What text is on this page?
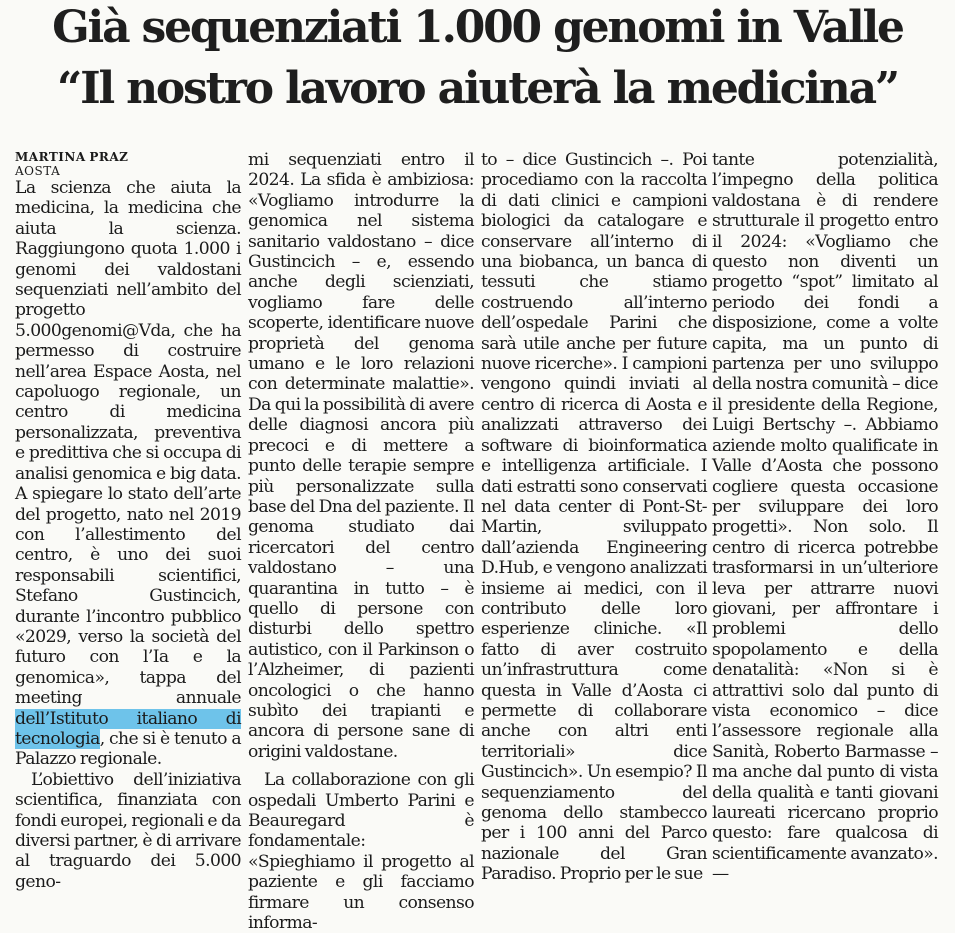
Già sequenziati 1.000 genomi in Valle
“Il nostro lavoro aiuterà la medicina”

MARTINA PRAZ

AOSTA

La scienza che aiuta la medicina, la medicina che aiuta la scienza. Raggiungono quota 1.000 i genomi dei valdostani sequenziati nell’ambito del progetto 5.000genomi@Vda, che ha permesso di costruire nell’area Espace Aosta, nel capoluogo regionale, un centro di medicina personalizzata, preventiva e predittiva che si occupa di analisi genomica e big data. A spiegare lo stato dell’arte del progetto, nato nel 2019 con l’allestimento del centro, è uno dei suoi responsabili scientifici, Stefano Gustincich, durante l’incontro pubblico «2029, verso la società del futuro con l’Ia e la genomica», tappa del meeting annuale dell’Istituto italiano di tecnologia, che si è tenuto a Palazzo regionale.

L’obiettivo dell’iniziativa scientifica, finanziata con fondi europei, regionali e da diversi partner, è di arrivare al traguardo dei 5.000 geno-

mi sequenziati entro il 2024. La sfida è ambiziosa: «Vogliamo introdurre la genomica nel sistema sanitario valdostano – dice Gustincich – e, essendo anche degli scienziati, vogliamo fare delle scoperte, identificare nuove proprietà del genoma umano e le loro relazioni con determinate malattie». Da qui la possibilità di avere delle diagnosi ancora più precoci e di mettere a punto delle terapie sempre più personalizzate sulla base del Dna del paziente. Il genoma studiato dai ricercatori del centro valdostano – una quarantina in tutto – è quello di persone con disturbi dello spettro autistico, con il Parkinson o l’Alzheimer, di pazienti oncologici o che hanno subìto dei trapianti e ancora di persone sane di origini valdostane.

La collaborazione con gli ospedali Umberto Parini e Beauregard è fondamentale: «Spieghiamo il progetto al paziente e gli facciamo firmare un consenso informa-

to – dice Gustincich –. Poi procediamo con la raccolta di dati clinici e campioni biologici da catalogare e conservare all’interno di una biobanca, un banca di tessuti che stiamo costruendo all’interno dell’ospedale Parini che sarà utile anche per future nuove ricerche». I campioni vengono quindi inviati al centro di ricerca di Aosta e analizzati attraverso dei software di bioinformatica e intelligenza artificiale. I dati estratti sono conservati nel data center di Pont-St-Martin, sviluppato dall’azienda Engineering D.Hub, e vengono analizzati insieme ai medici, con il contributo delle loro esperienze cliniche. «Il fatto di aver costruito un’infrastruttura come questa in Valle d’Aosta ci permette di collaborare anche con altri enti territoriali» dice Gustincich». Un esempio? Il sequenziamento del genoma dello stambecco per i 100 anni del Parco nazionale del Gran Paradiso. Proprio per le sue

tante potenzialità, l’impegno della politica valdostana è di rendere strutturale il progetto entro il 2024: «Vogliamo che questo non diventi un progetto “spot” limitato al periodo dei fondi a disposizione, come a volte capita, ma un punto di partenza per uno sviluppo della nostra comunità – dice il presidente della Regione, Luigi Bertschy –. Abbiamo aziende molto qualificate in Valle d’Aosta che possono cogliere questa occasione per sviluppare dei loro progetti». Non solo. Il centro di ricerca potrebbe trasformarsi in un’ulteriore leva per attrarre nuovi giovani, per affrontare i problemi dello spopolamento e della denatalità: «Non si è attrattivi solo dal punto di vista economico – dice l’assessore regionale alla Sanità, Roberto Barmasse – ma anche dal punto di vista della qualità e tanti giovani laureati ricercano proprio questo: fare qualcosa di scientificamente avanzato». —
